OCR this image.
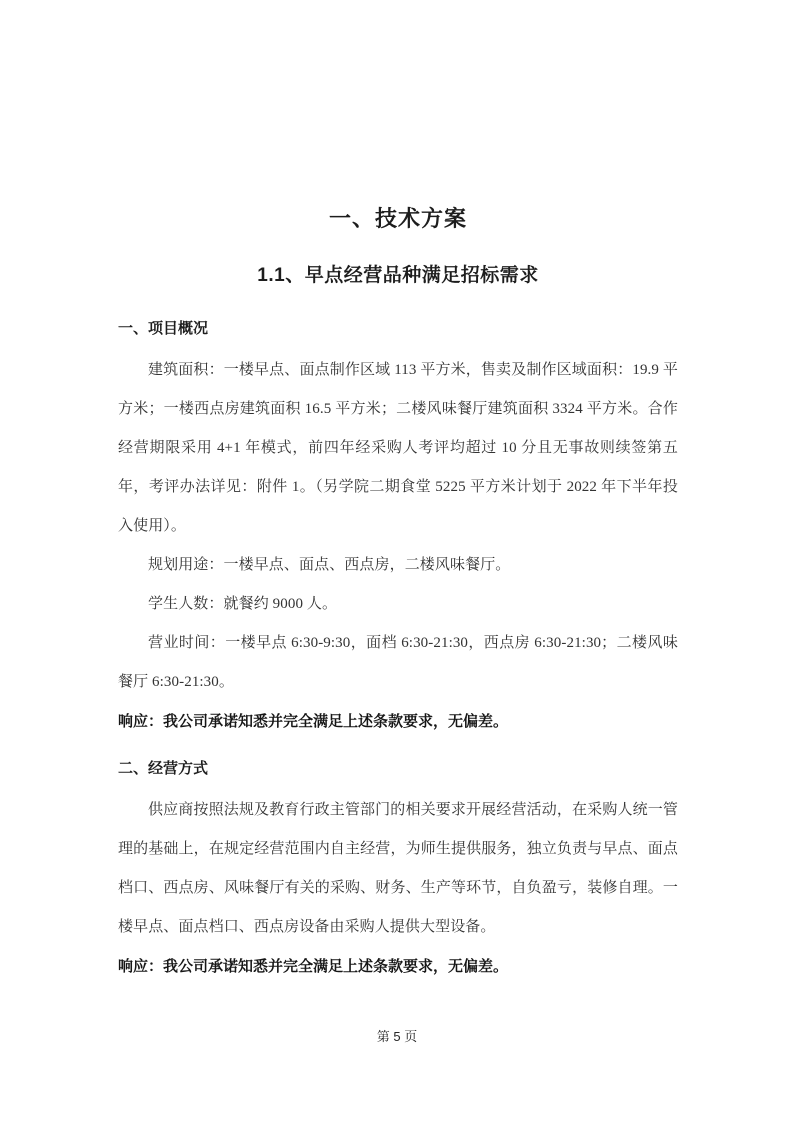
一、技术方案
1.1、早点经营品种满足招标需求
一、项目概况

建筑面积：一楼早点、面点制作区域 113 平方米，售卖及制作区域面积：19.9 平方米；一楼西点房建筑面积 16.5 平方米；二楼风味餐厅建筑面积 3324 平方米。合作经营期限采用 4+1 年模式，前四年经采购人考评均超过 10 分且无事故则续签第五年，考评办法详见：附件 1。（另学院二期食堂 5225 平方米计划于 2022 年下半年投入使用）。

规划用途：一楼早点、面点、西点房，二楼风味餐厅。

学生人数：就餐约 9000 人。

营业时间：一楼早点 6:30-9:30，面档 6:30-21:30，西点房 6:30-21:30；二楼风味餐厅 6:30-21:30。

响应：我公司承诺知悉并完全满足上述条款要求，无偏差。

二、经营方式

供应商按照法规及教育行政主管部门的相关要求开展经营活动，在采购人统一管理的基础上，在规定经营范围内自主经营，为师生提供服务，独立负责与早点、面点档口、西点房、风味餐厅有关的采购、财务、生产等环节，自负盈亏，装修自理。一楼早点、面点档口、西点房设备由采购人提供大型设备。

响应：我公司承诺知悉并完全满足上述条款要求，无偏差。

第 5 页
